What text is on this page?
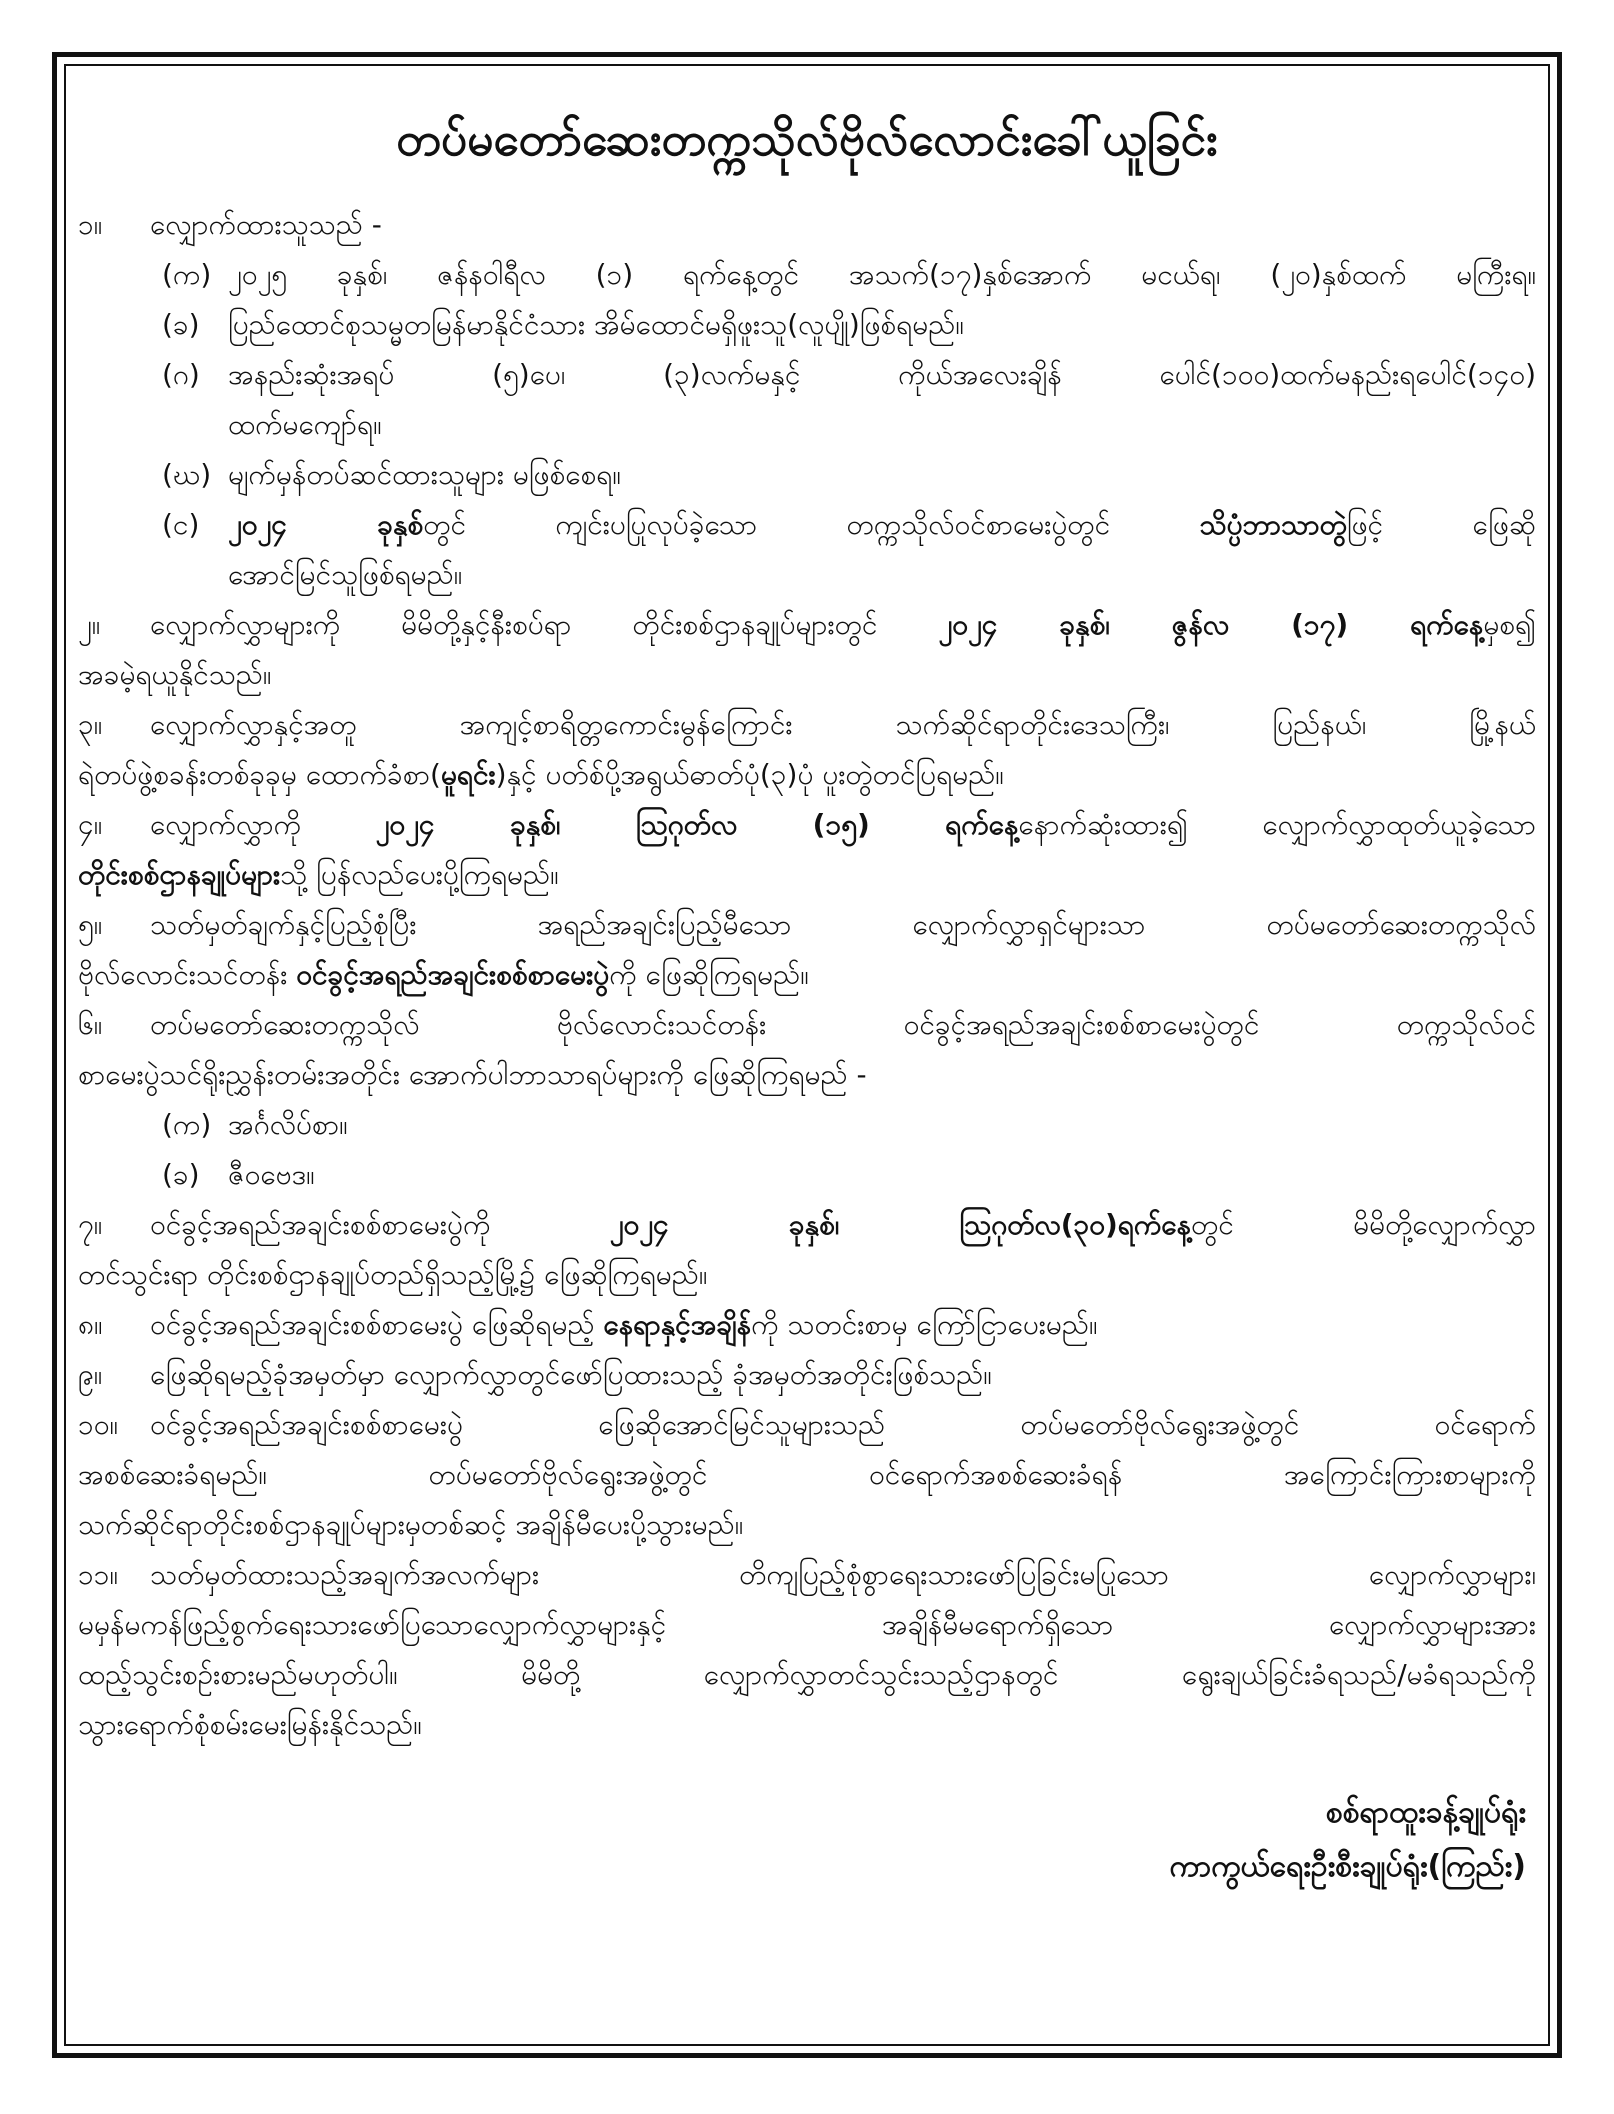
တပ်မတော်ဆေးတက္ကသိုလ်ဗိုလ်လောင်းခေါ်ယူခြင်း
၁။ လျှောက်ထားသူသည် -
(က) ၂၀၂၅ ခုနှစ်၊ ဇန်နဝါရီလ (၁) ရက်နေ့တွင် အသက်(၁၇)နှစ်အောက် မငယ်ရ၊ (၂၀)နှစ်ထက် မကြီးရ။
(ခ) ပြည်ထောင်စုသမ္မတမြန်မာနိုင်ငံသား အိမ်ထောင်မရှိဖူးသူ(လူပျို)ဖြစ်ရမည်။
(ဂ) အနည်းဆုံးအရပ် (၅)ပေ၊ (၃)လက်မနှင့် ကိုယ်အလေးချိန် ပေါင်(၁၀၀)ထက်မနည်းရပေါင်(၁၄၀)
ထက်မကျော်ရ။
(ဃ) မျက်မှန်တပ်ဆင်ထားသူများ မဖြစ်စေရ။
(င) ၂၀၂၄ ခုနှစ်တွင် ကျင်းပပြုလုပ်ခဲ့သော တက္ကသိုလ်ဝင်စာမေးပွဲတွင်	သိပ္ပံဘာသာတွဲဖြင့် ဖြေဆို
အောင်မြင်သူဖြစ်ရမည်။
၂။ လျှောက်လွှာများကို မိမိတို့နှင့်နီးစပ်ရာ တိုင်းစစ်ဌာနချုပ်များတွင် ၂၀၂၄ ခုနှစ်၊ ဇွန်လ (၁၇) ရက်နေ့မှစ၍
အခမဲ့ရယူနိုင်သည်။
၃။ လျှောက်လွှာနှင့်အတူ အကျင့်စာရိတ္တကောင်းမွန်ကြောင်း သက်ဆိုင်ရာတိုင်းဒေသကြီး၊ ပြည်နယ်၊ မြို့နယ်
ရဲတပ်ဖွဲ့စခန်းတစ်ခုခုမှ ထောက်ခံစာ(မူရင်း)နှင့် ပတ်စ်ပို့အရွယ်ဓာတ်ပုံ(၃)ပုံ ပူးတွဲတင်ပြရမည်။
၄။ လျှောက်လွှာကို	၂၀၂၄ ခုနှစ်၊ ဩဂုတ်လ (၁၅) ရက်နေ့နောက်ဆုံးထား၍ လျှောက်လွှာထုတ်ယူခဲ့သော
တိုင်းစစ်ဌာနချုပ်များသို့ ပြန်လည်ပေးပို့ကြရမည်။
၅။ သတ်မှတ်ချက်နှင့်ပြည့်စုံပြီး အရည်အချင်းပြည့်မီသော လျှောက်လွှာရှင်များသာ တပ်မတော်ဆေးတက္ကသိုလ်
ဗိုလ်လောင်းသင်တန်း ဝင်ခွင့်အရည်အချင်းစစ်စာမေးပွဲကို ဖြေဆိုကြရမည်။
၆။ တပ်မတော်ဆေးတက္ကသိုလ် ဗိုလ်လောင်းသင်တန်း ဝင်ခွင့်အရည်အချင်းစစ်စာမေးပွဲတွင် တက္ကသိုလ်ဝင်
စာမေးပွဲသင်ရိုးညွှန်းတမ်းအတိုင်း အောက်ပါဘာသာရပ်များကို ဖြေဆိုကြရမည် -
(က) အင်္ဂလိပ်စာ။
(ခ) ဇီဝဗေဒ။
၇။ ဝင်ခွင့်အရည်အချင်းစစ်စာမေးပွဲကို	၂၀၂၄ ခုနှစ်၊ ဩဂုတ်လ(၃၀)ရက်နေ့တွင် မိမိတို့လျှောက်လွှာ
တင်သွင်းရာ တိုင်းစစ်ဌာနချုပ်တည်ရှိသည့်မြို့၌ ဖြေဆိုကြရမည်။
၈။ ဝင်ခွင့်အရည်အချင်းစစ်စာမေးပွဲ ဖြေဆိုရမည့် နေရာနှင့်အချိန်ကို သတင်းစာမှ ကြော်ငြာပေးမည်။
၉။ ဖြေဆိုရမည့်ခုံအမှတ်မှာ လျှောက်လွှာတွင်ဖော်ပြထားသည့် ခုံအမှတ်အတိုင်းဖြစ်သည်။
၁၀။ ဝင်ခွင့်အရည်အချင်းစစ်စာမေးပွဲ ဖြေဆိုအောင်မြင်သူများသည် တပ်မတော်ဗိုလ်ရွေးအဖွဲ့တွင် ဝင်ရောက်
အစစ်ဆေးခံရမည်။ တပ်မတော်ဗိုလ်ရွေးအဖွဲ့တွင် ဝင်ရောက်အစစ်ဆေးခံရန် အကြောင်းကြားစာများကို
သက်ဆိုင်ရာတိုင်းစစ်ဌာနချုပ်များမှတစ်ဆင့် အချိန်မီပေးပို့သွားမည်။
၁၁။ သတ်မှတ်ထားသည့်အချက်အလက်များ တိကျပြည့်စုံစွာရေးသားဖော်ပြခြင်းမပြုသော လျှောက်လွှာများ၊
မမှန်မကန်ဖြည့်စွက်ရေးသားဖော်ပြသောလျှောက်လွှာများနှင့် အချိန်မီမရောက်ရှိသော လျှောက်လွှာများအား
ထည့်သွင်းစဉ်းစားမည်မဟုတ်ပါ။ မိမိတို့ လျှောက်လွှာတင်သွင်းသည့်ဌာနတွင် ရွေးချယ်ခြင်းခံရသည်/မခံရသည်ကို
သွားရောက်စုံစမ်းမေးမြန်းနိုင်သည်။
စစ်ရာထူးခန့်ချုပ်ရုံး
ကာကွယ်ရေးဦးစီးချုပ်ရုံး(ကြည်း)
